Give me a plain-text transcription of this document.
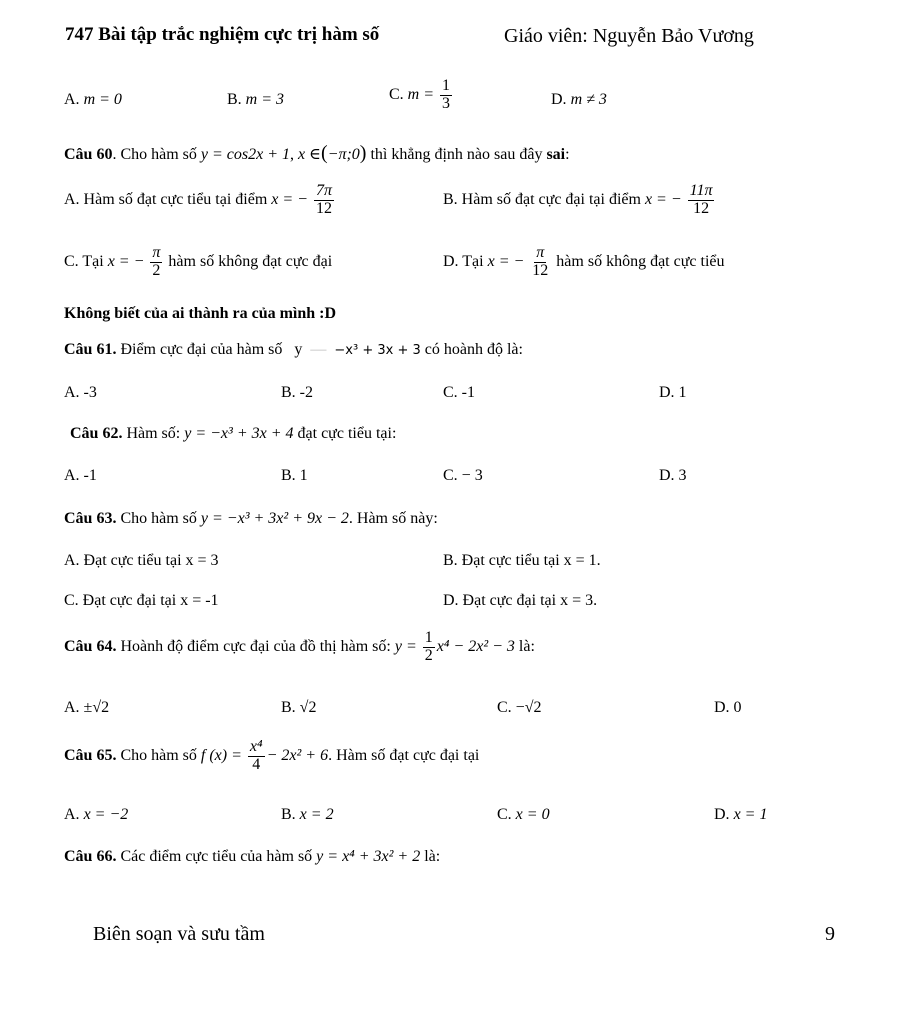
747 Bài tập trắc nghiệm cực trị hàm số	Giáo viên: Nguyễn Bảo Vương
A. m = 0	B. m = 3	C. $m = \frac{1}{3}$	D. m ≠ 3
Câu 60. Cho hàm số y = cos2x + 1, x ∈(−π;0) thì khẳng định nào sau đây sai:
A. Hàm số đạt cực tiểu tại điểm x = − $\frac{7\pi}{12}$	B. Hàm số đạt cực đại tại điểm x = − $\frac{11\pi}{12}$
C. Tại x = − $\frac{\pi}{2}$ hàm số không đạt cực đại	D. Tại x = − $\frac{\pi}{12}$ hàm số không đạt cực tiểu
Không biết của ai thành ra của mình :D
Câu 61. Điểm cực đại của hàm số y — −x³ + 3x + 3 có hoành độ là:
A. -3	B. -2	C. -1	D. 1
Câu 62. Hàm số: y = −x³ + 3x + 4 đạt cực tiểu tại:
A. -1	B. 1	C. − 3	D. 3
Câu 63. Cho hàm số y = −x³ + 3x² + 9x − 2. Hàm số này:
A. Đạt cực tiểu tại x = 3	B. Đạt cực tiểu tại x = 1.
C. Đạt cực đại tại x = -1	D. Đạt cực đại tại x = 3.
Câu 64. Hoành độ điểm cực đại của đồ thị hàm số: $y = \frac{1}{2} x^4 - 2x^2 - 3$ là:
A. ±√2	B. √2	C. −√2	D. 0
Câu 65. Cho hàm số f $(x) = \frac{\text{x⁴}}{4} - 2x^2 + 6$. Hàm số đạt cực đại tại
A. x = −2	B. x = 2	C. x = 0	D. x = 1
Câu 66. Các điểm cực tiểu của hàm số y = x⁴ + 3x² + 2 là:
Biên soạn và sưu tầm	9
